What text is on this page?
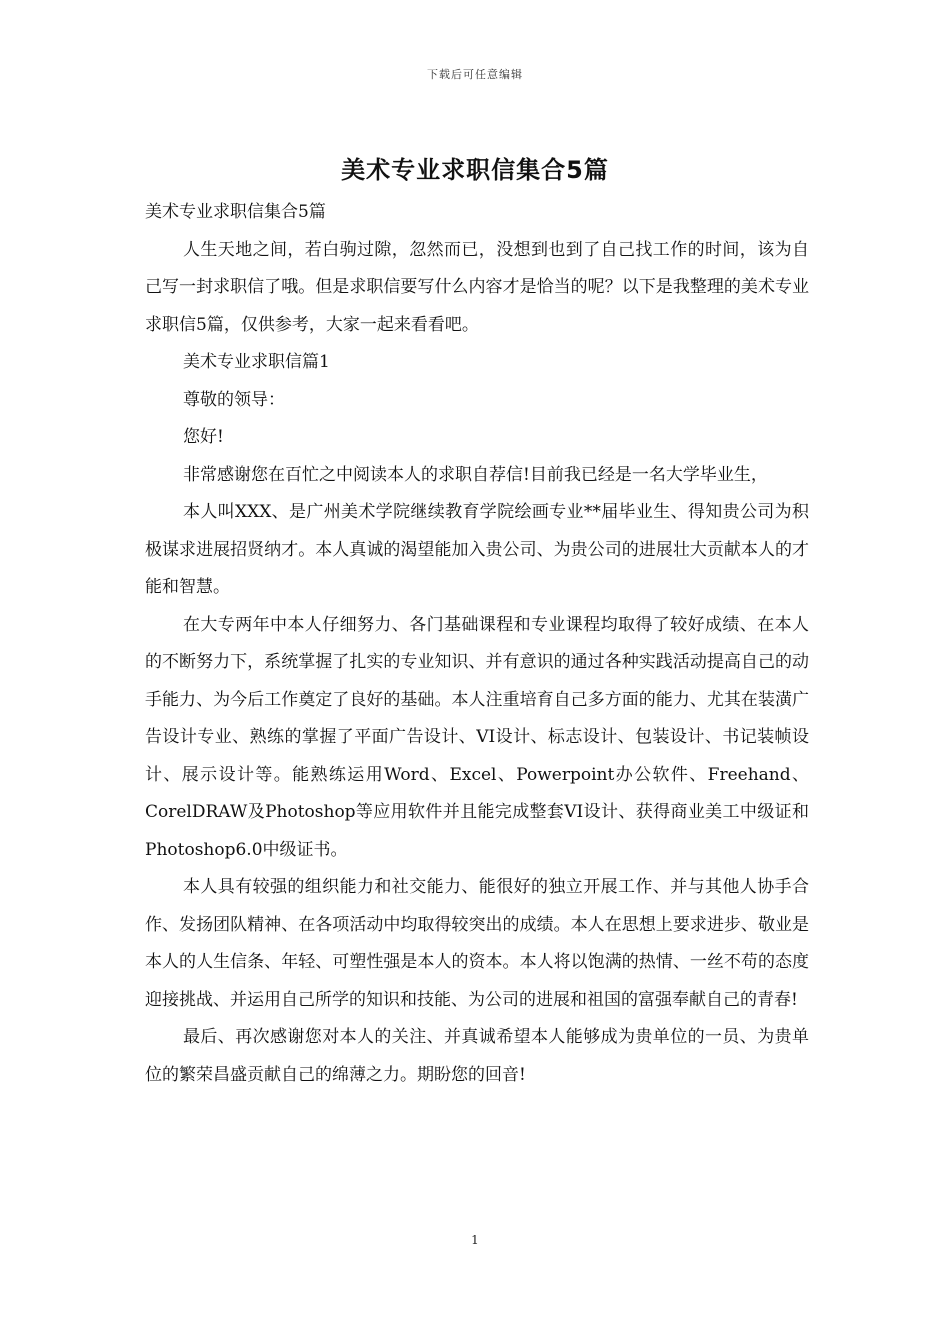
下载后可任意编辑
美术专业求职信集合5篇

美术专业求职信集合5篇

人生天地之间，若白驹过隙，忽然而已，没想到也到了自己找工作的时间，该为自己写一封求职信了哦。但是求职信要写什么内容才是恰当的呢？以下是我整理的美术专业求职信5篇，仅供参考，大家一起来看看吧。

美术专业求职信篇1

尊敬的领导：

您好!

非常感谢您在百忙之中阅读本人的求职自荐信!目前我已经是一名大学毕业生，

本人叫XXX、是广州美术学院继续教育学院绘画专业**届毕业生、得知贵公司为积极谋求进展招贤纳才。本人真诚的渴望能加入贵公司、为贵公司的进展壮大贡献本人的才能和智慧。

在大专两年中本人仔细努力、各门基础课程和专业课程均取得了较好成绩、在本人的不断努力下，系统掌握了扎实的专业知识、并有意识的通过各种实践活动提高自己的动手能力、为今后工作奠定了良好的基础。本人注重培育自己多方面的能力、尤其在装潢广告设计专业、熟练的掌握了平面广告设计、VI设计、标志设计、包装设计、书记装帧设计、展示设计等。能熟练运用Word、Excel、Powerpoint办公软件、Freehand、CorelDRAW及Photoshop等应用软件并且能完成整套VI设计、获得商业美工中级证和Photoshop6.0中级证书。

本人具有较强的组织能力和社交能力、能很好的独立开展工作、并与其他人协手合作、发扬团队精神、在各项活动中均取得较突出的成绩。本人在思想上要求进步、敬业是本人的人生信条、年轻、可塑性强是本人的资本。本人将以饱满的热情、一丝不苟的态度迎接挑战、并运用自己所学的知识和技能、为公司的进展和祖国的富强奉献自己的青春!

最后、再次感谢您对本人的关注、并真诚希望本人能够成为贵单位的一员、为贵单位的繁荣昌盛贡献自己的绵薄之力。期盼您的回音!

1
